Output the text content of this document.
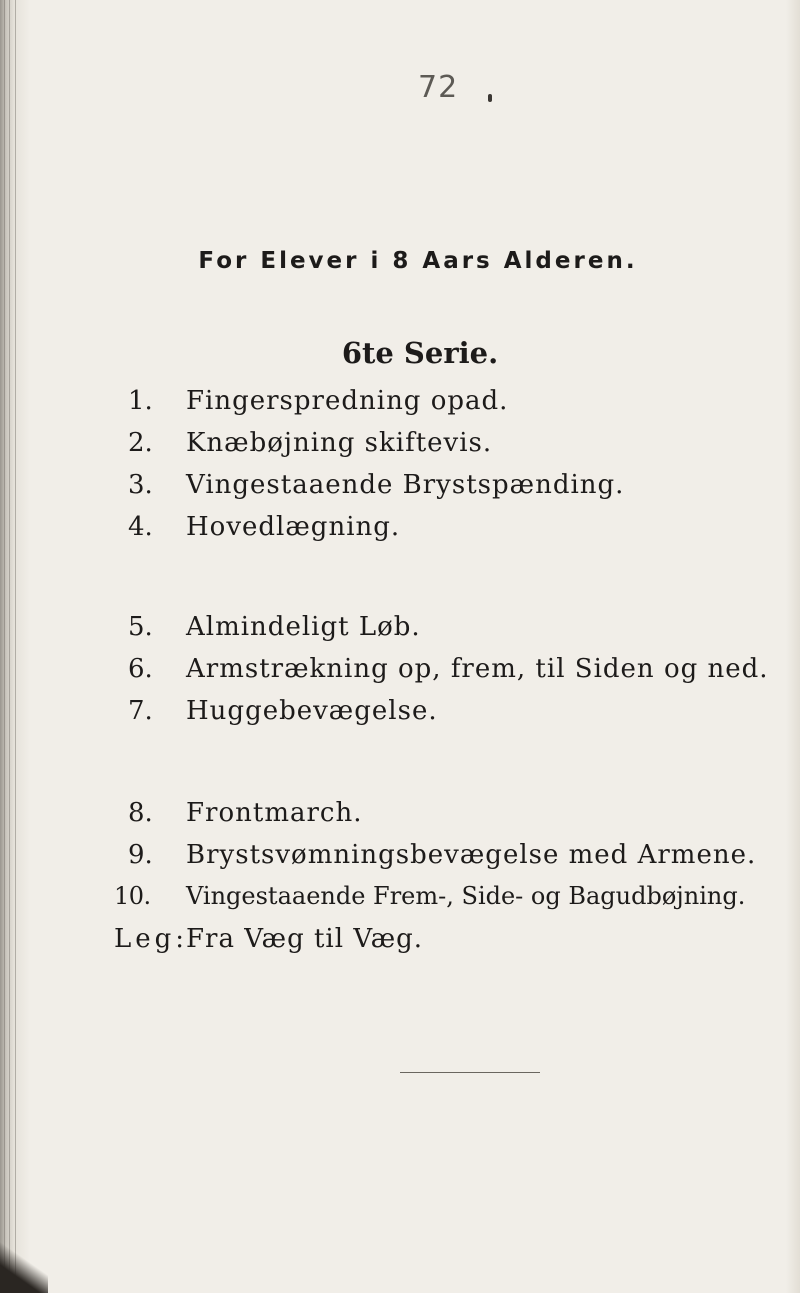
72
For Elever i 8 Aars Alderen.
6te Serie.
1. Fingerspredning opad.
2. Knæbøjning skiftevis.
3. Vingestaaende Brystspænding.
4. Hovedlægning.
5. Almindeligt Løb.
6. Armstrækning op, frem, til Siden og ned.
7. Huggebevægelse.
8. Frontmarch.
9. Brystsvømningsbevægelse med Armene.
10. Vingestaaende Frem-, Side- og Bagudbøjning.
Leg:Fra Væg til Væg.
